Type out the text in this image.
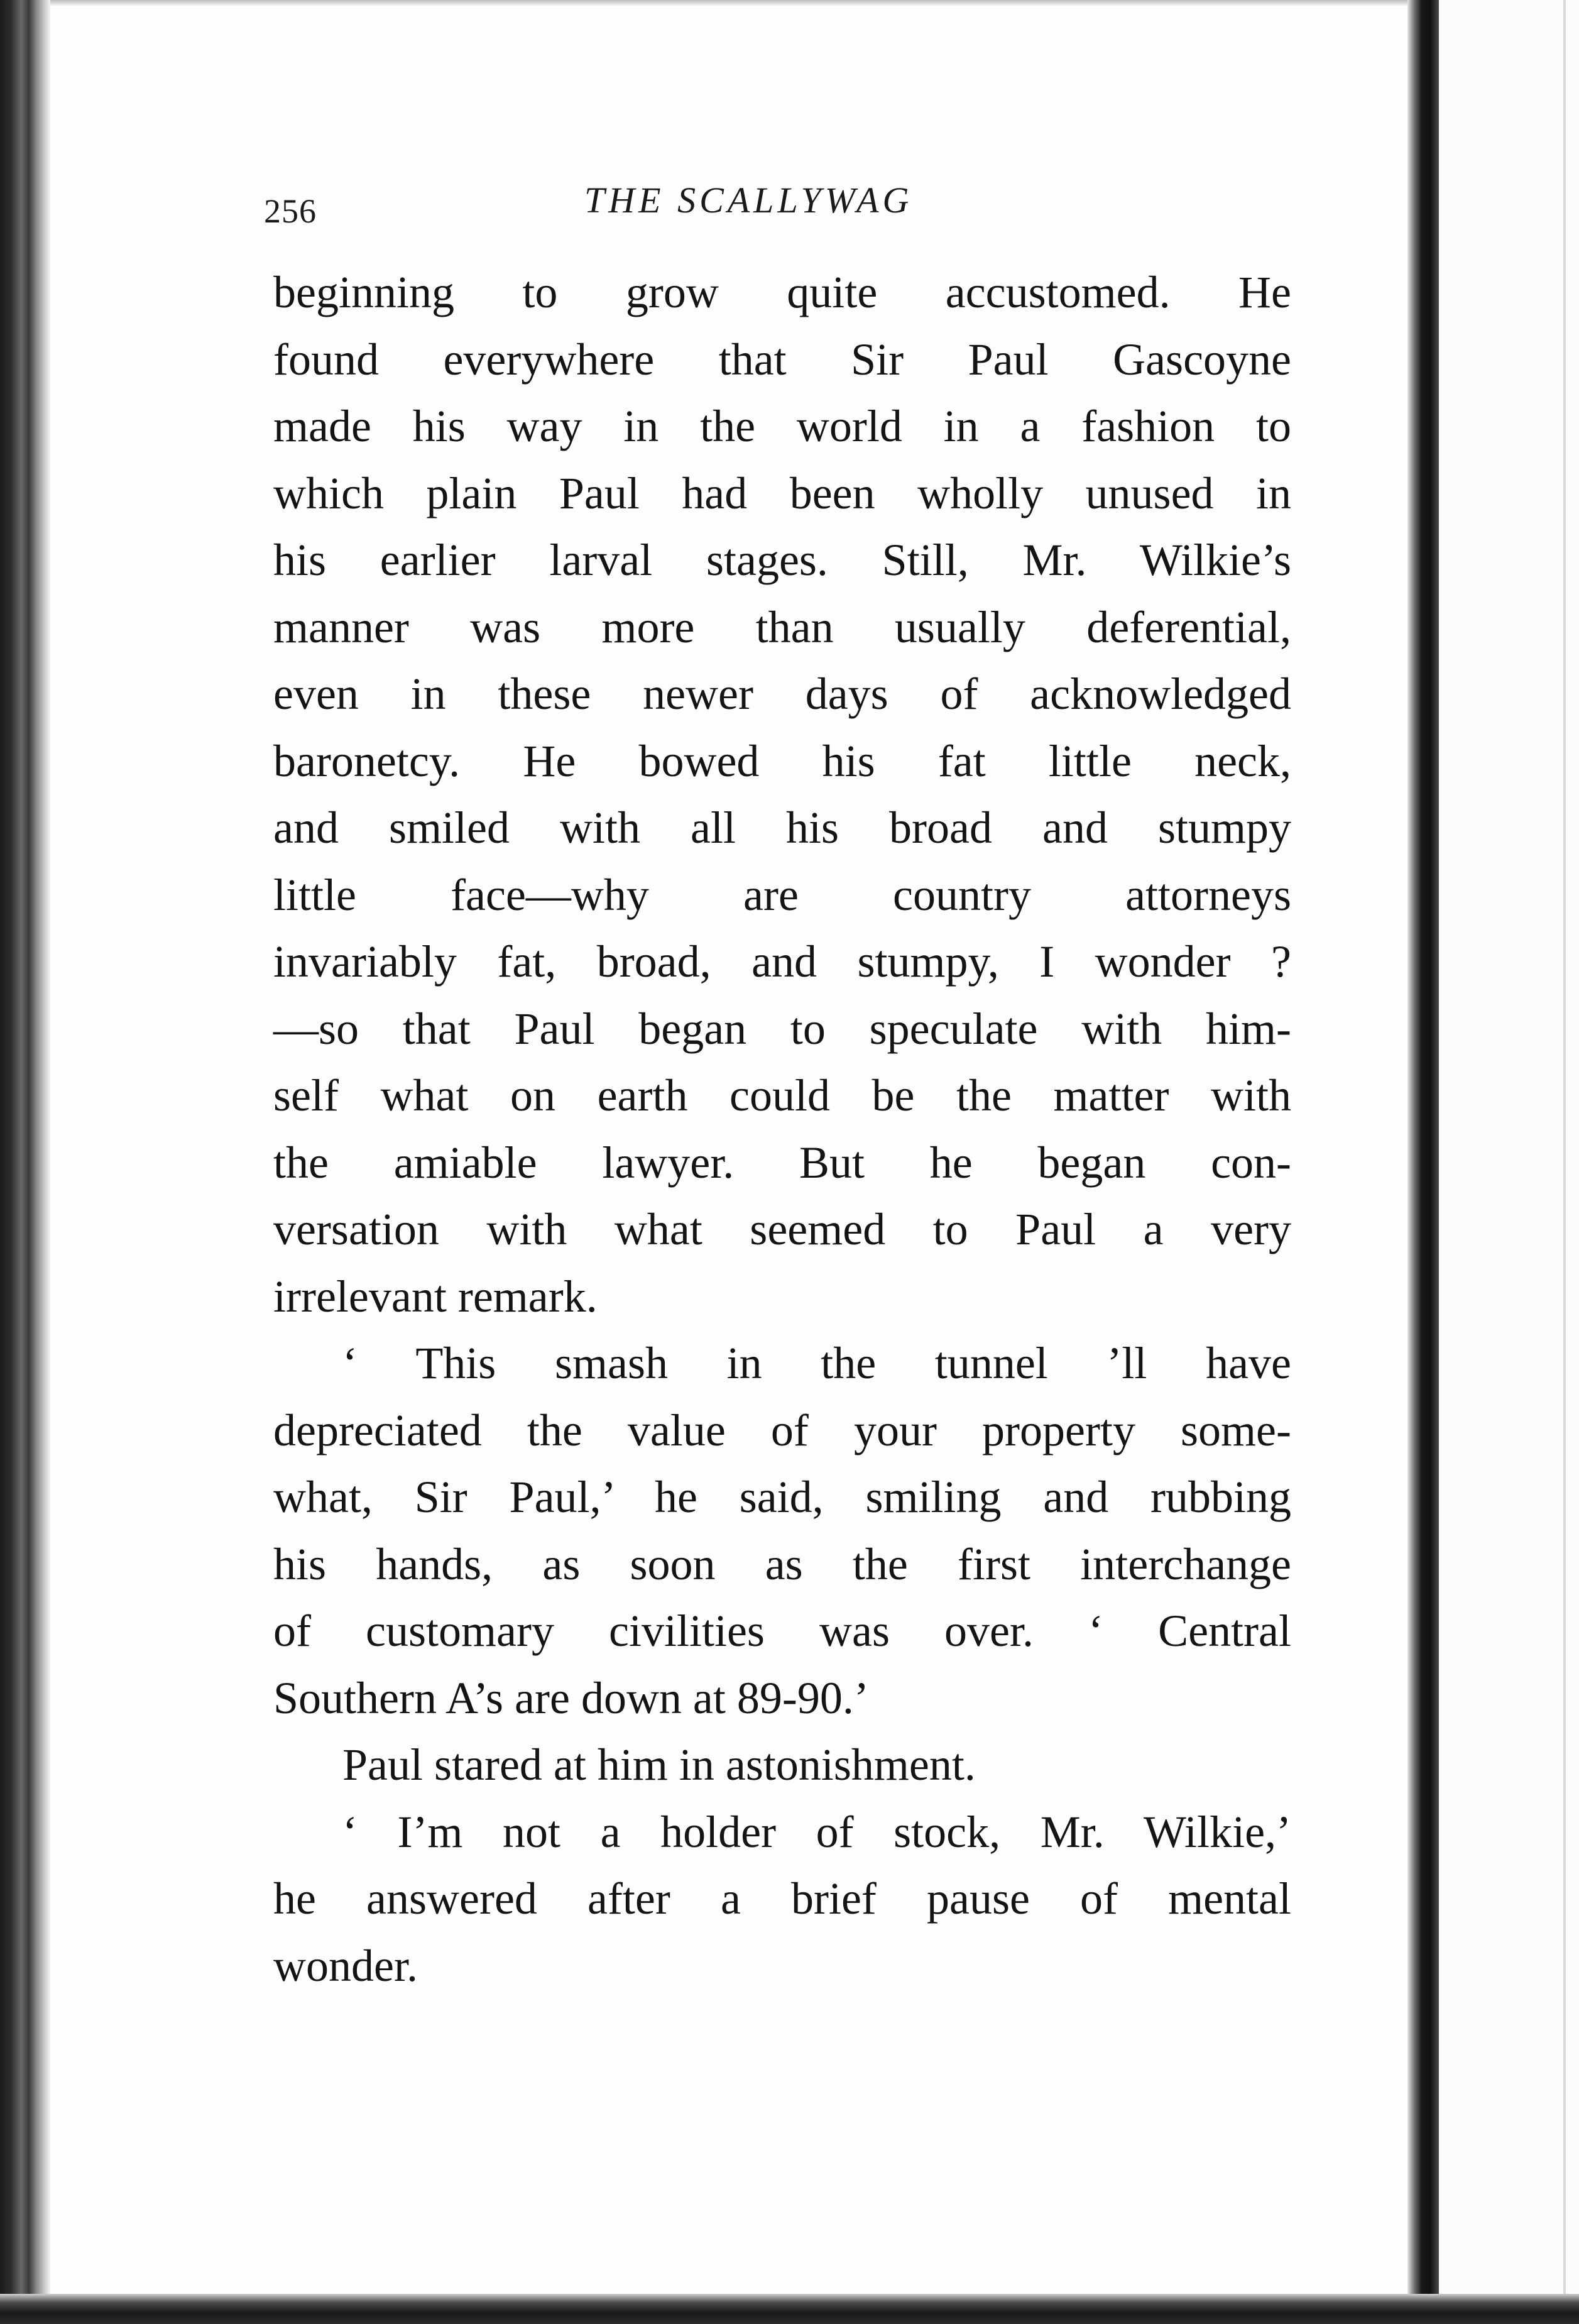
256	THE SCALLYWAG
beginning to grow quite accustomed. He
found everywhere that Sir Paul Gascoyne
made his way in the world in a fashion to
which plain Paul had been wholly unused in
his earlier larval stages. Still, Mr. Wilkie’s
manner was more than usually deferential,
even in these newer days of acknowledged
baronetcy. He bowed his fat little neck,
and smiled with all his broad and stumpy
little face—why are country attorneys
invariably fat, broad, and stumpy, I wonder ?
—so that Paul began to speculate with him-
self what on earth could be the matter with
the amiable lawyer. But he began con-
versation with what seemed to Paul a very
irrelevant remark.
‘ This smash in the tunnel ’ll have
depreciated the value of your property some-
what, Sir Paul,’ he said, smiling and rubbing
his hands, as soon as the first interchange
of customary civilities was over. ‘ Central
Southern A’s are down at 89-90.’
Paul stared at him in astonishment.
‘ I’m not a holder of stock, Mr. Wilkie,’
he answered after a brief pause of mental
wonder.
